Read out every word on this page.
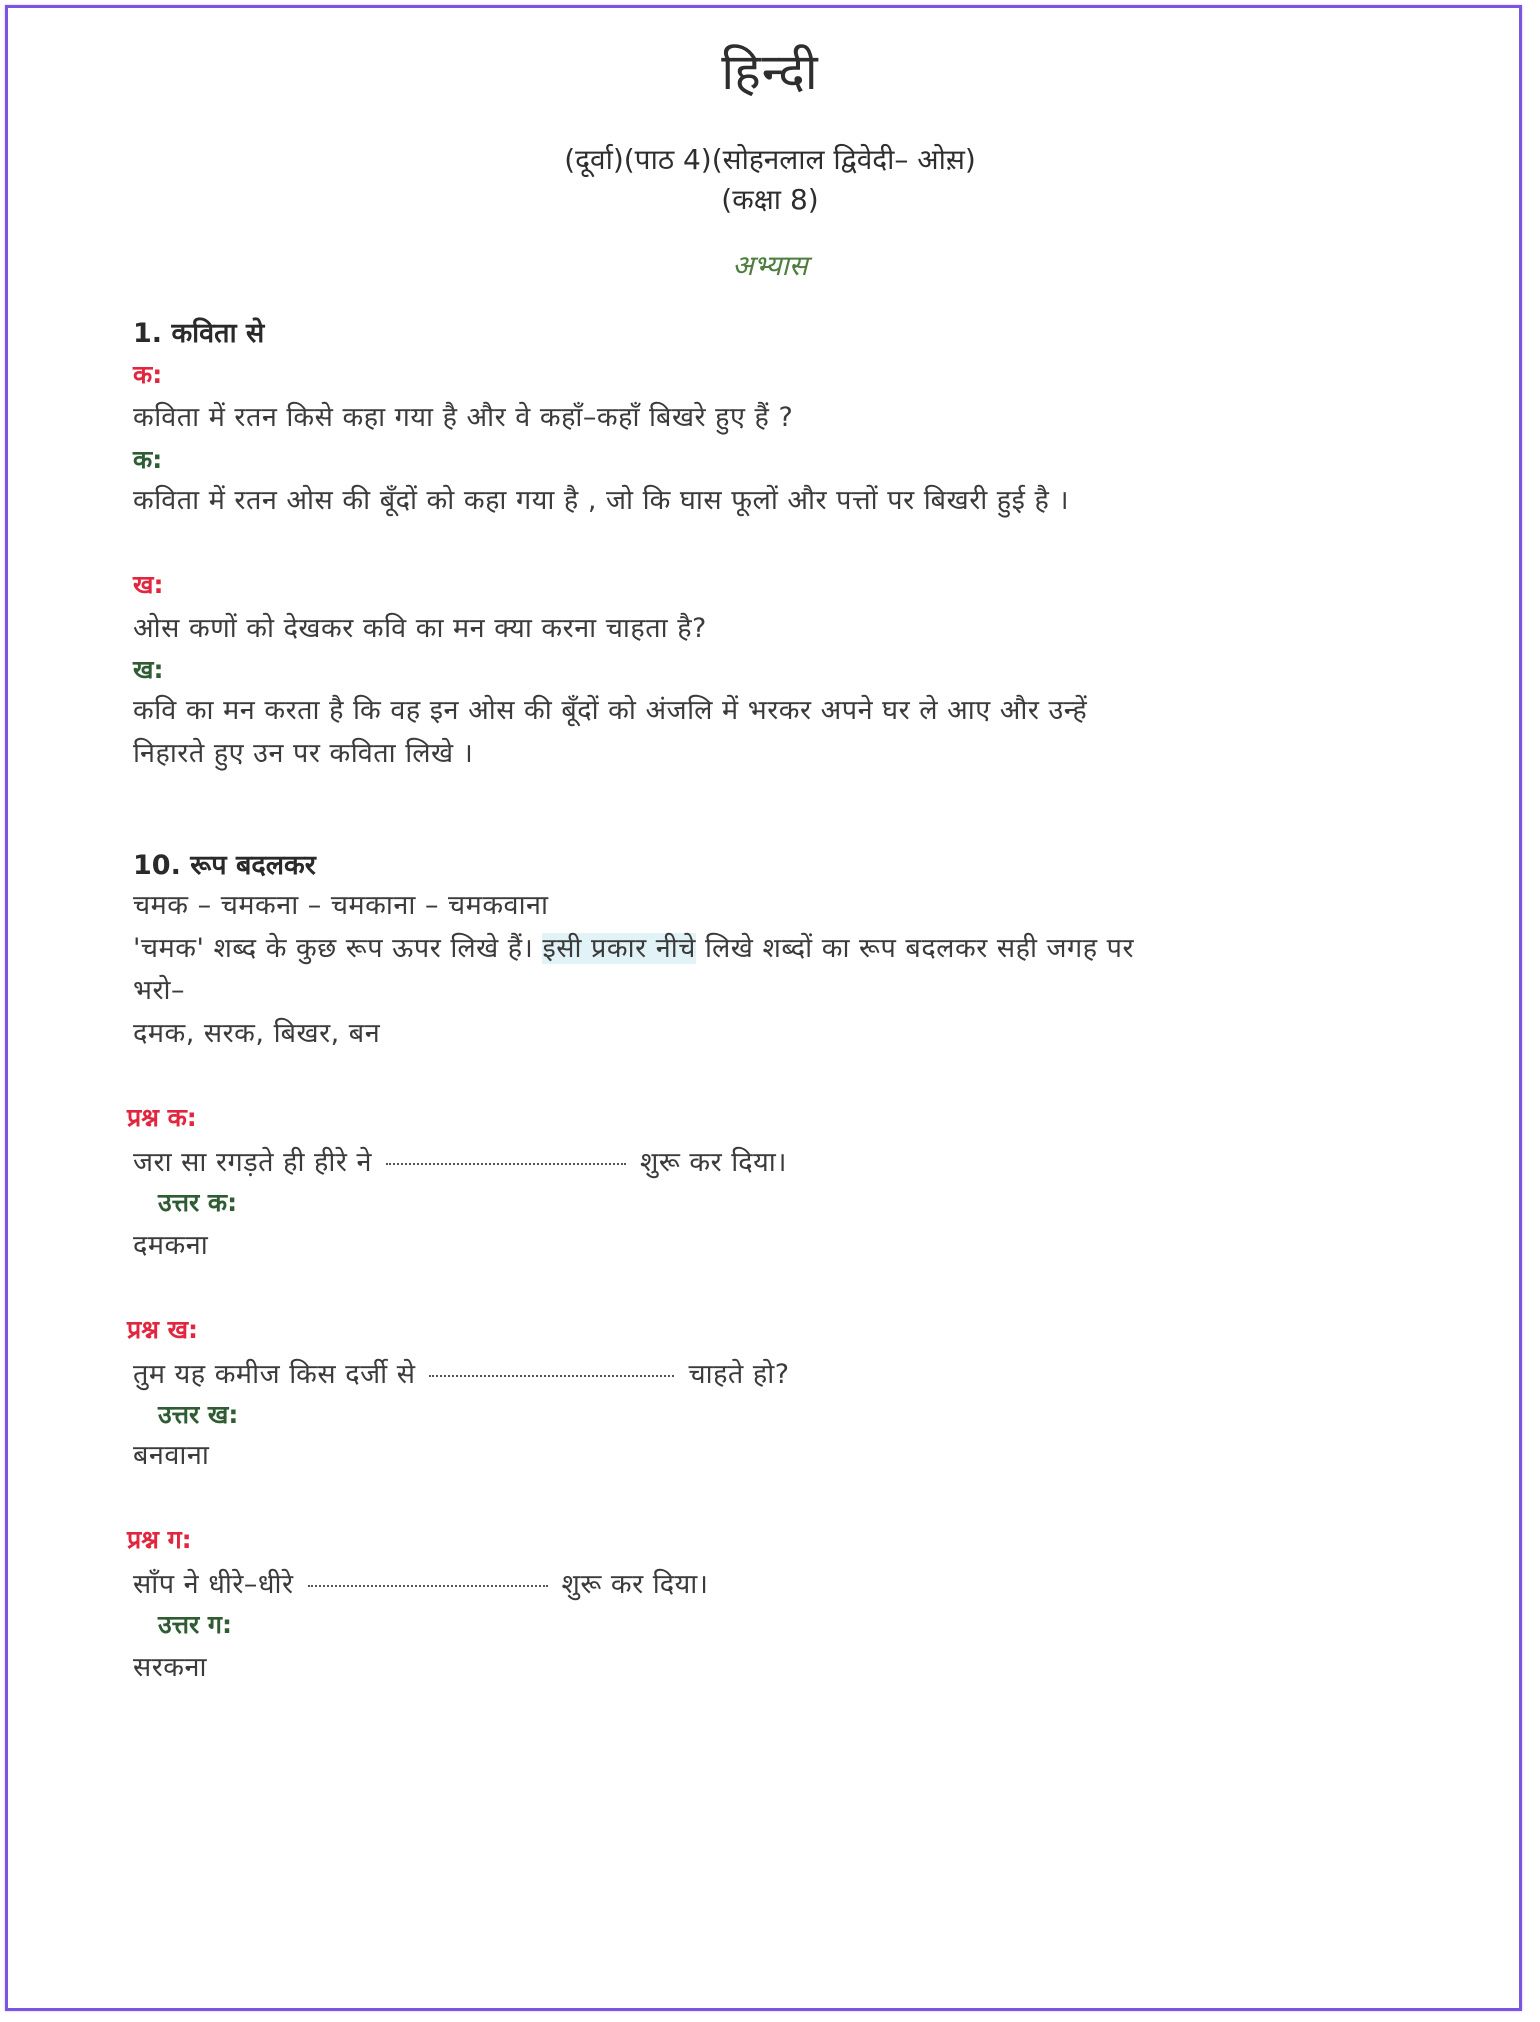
हिन्दी
(दूर्वा)(पाठ 4)(सोहनलाल द्विवेदी– ओस़)
(कक्षा 8)
अभ्यास
1. कविता से
क:
कविता में रतन किसे कहा गया है और वे कहाँ–कहाँ बिखरे हुए हैं ?
क:
कविता में रतन ओस की बूँदों को कहा गया है , जो कि घास फूलों और पत्तों पर बिखरी हुई है ।
ख:
ओस कणों को देखकर कवि का मन क्या करना चाहता है?
ख:
कवि का मन करता है कि वह इन ओस की बूँदों को अंजलि में भरकर अपने घर ले आए और उन्हें
निहारते हुए उन पर कविता लिखे ।
10. रूप बदलकर
चमक – चमकना – चमकाना – चमकवाना
'चमक' शब्द के कुछ रूप ऊपर लिखे हैं। इसी प्रकार नीचे लिखे शब्दों का रूप बदलकर सही जगह पर
भरो–
दमक, सरक, बिखर, बन
प्रश्न क:
जरा सा रगड़ते ही हीरे ने	शुरू कर दिया।
उत्तर क:
दमकना
प्रश्न ख:
तुम यह कमीज किस दर्जी से	चाहते हो?
उत्तर ख:
बनवाना
प्रश्न ग:
साँप ने धीरे–धीरे	शुरू कर दिया।
उत्तर ग:
सरकना
